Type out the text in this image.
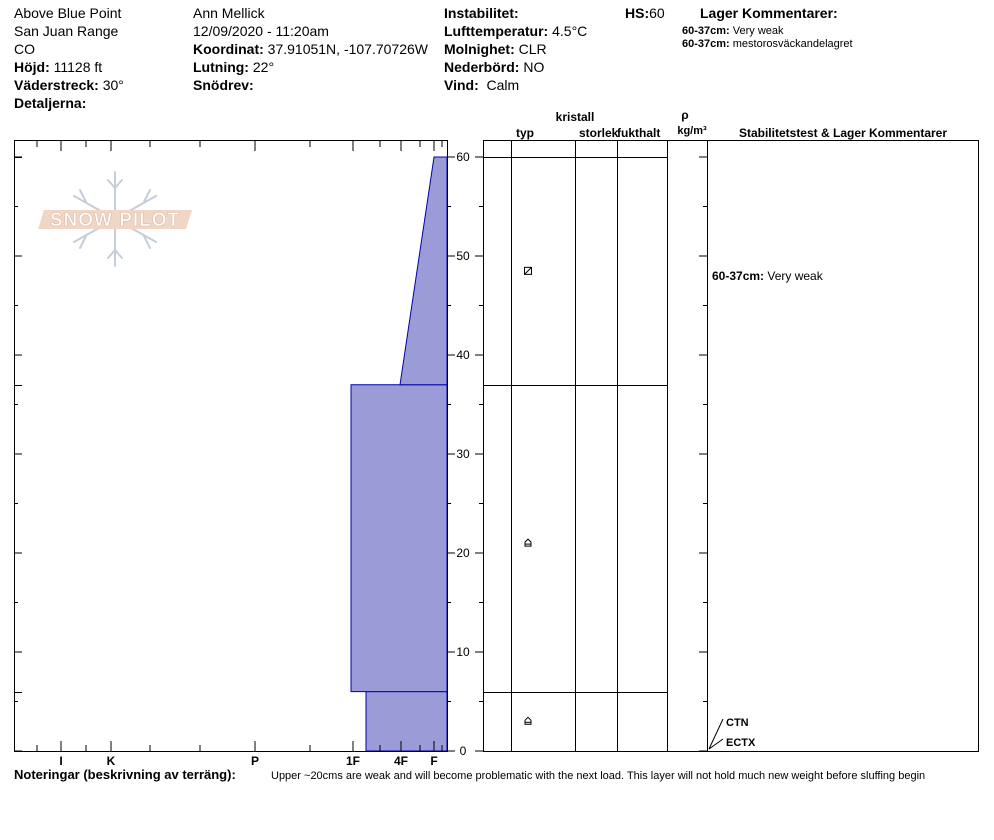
Above Blue Point
San Juan Range
CO
Höjd: 11128 ft
Väderstreck: 30°
Detaljerna:
Ann Mellick
12/09/2020 - 11:20am
Koordinat: 37.91051N, -107.70726W
Lutning: 22°
Snödrev:
Instabilitet:
Lufttemperatur: 4.5°C
Molnighet: CLR
Nederbörd: NO
Vind: Calm
HS:60	Lager Kommentarer:
60-37cm: Very weak
60-37cm: mestorosväckandelagret
SNOW PILOT
I	K	P	1F	4F F
0
10
20
30
40
50
60
60-37cm: Very weak
CTN
ECTX
kristall
typ	storlek
fukthalt
ρ
kg/m³	Stabilitetstest & Lager Kommentarer
Noteringar (beskrivning av terräng):	Upper ~20cms are weak and will become problematic with the next load. This layer will not hold much new weight before sluffing begin
